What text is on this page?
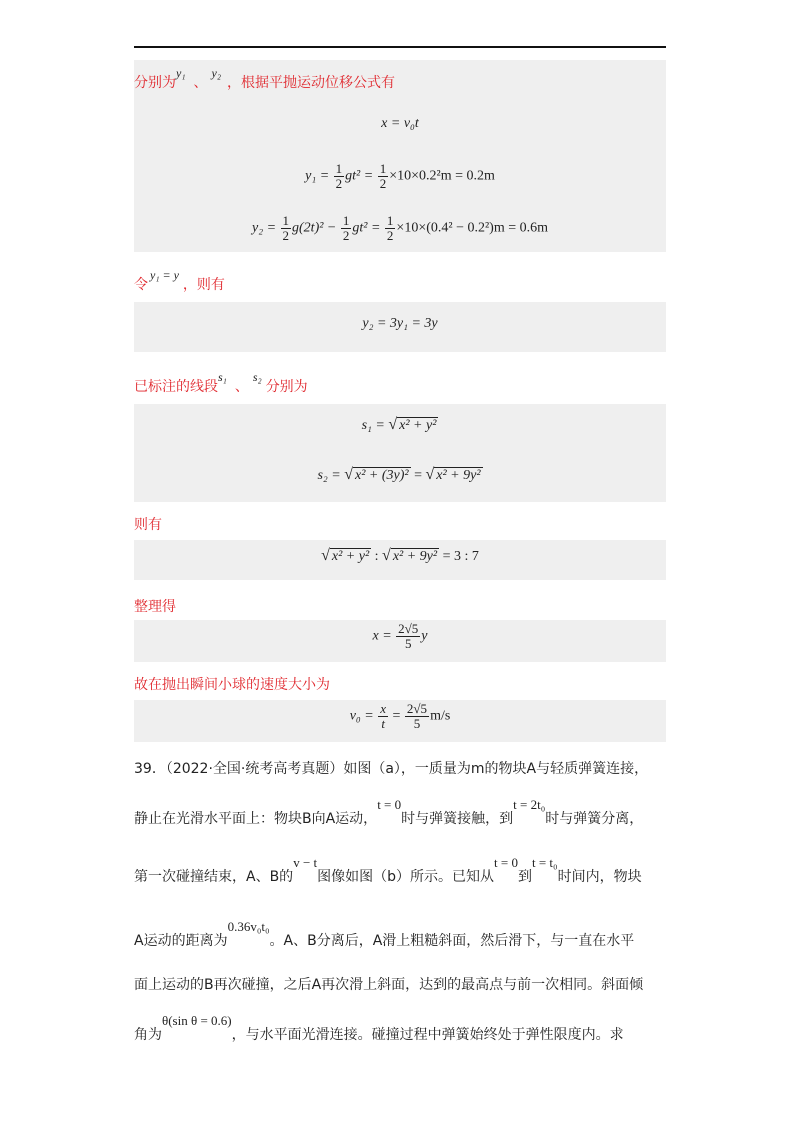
分别为y₁、y₂，根据平抛运动位移公式有
x = v₀t
$y_1 = \frac{1}{2} gt^2 = \frac{1}{2} \times 10\times 0.2^2m = 0.2m$
$y_2 = \frac{1}{2} g(2t)^2 - \frac{1}{2} gt^2 = \frac{1}{2} \times 10\times(0.4^2 - 0.2^2)m = 0.6m$
令y₁ = y，则有
y₂ = 3y₁ = 3y
已标注的线段s₁、s₂分别为
s₁ = √ x² + y²
s₂ = √ x² + (3y)² = √ x² + 9y²
则有
√ x² + y² : √ x² + 9y² = 3 : 7
整理得
$x = \frac{2√5}{5}$ y
故在抛出瞬间小球的速度大小为
$v_0 = \frac{x}{t} = \frac{2√5}{5} m/s$
39．（2022·全国·统考高考真题）如图（a），一质量为m的物块A与轻质弹簧连接，
静止在光滑水平面上：物块B向A运动，t = 0时与弹簧接触，到t = 2t₀时与弹簧分离，
第一次碰撞结束，A、B的v − t图像如图（b）所示。已知从t = 0到t = t₀时间内，物块
A运动的距离为0.36v₀t₀。A、B分离后，A滑上粗糙斜面，然后滑下，与一直在水平
面上运动的B再次碰撞，之后A再次滑上斜面，达到的最高点与前一次相同。斜面倾
角为θ(sin θ = 0.6)，与水平面光滑连接。碰撞过程中弹簧始终处于弹性限度内。求
